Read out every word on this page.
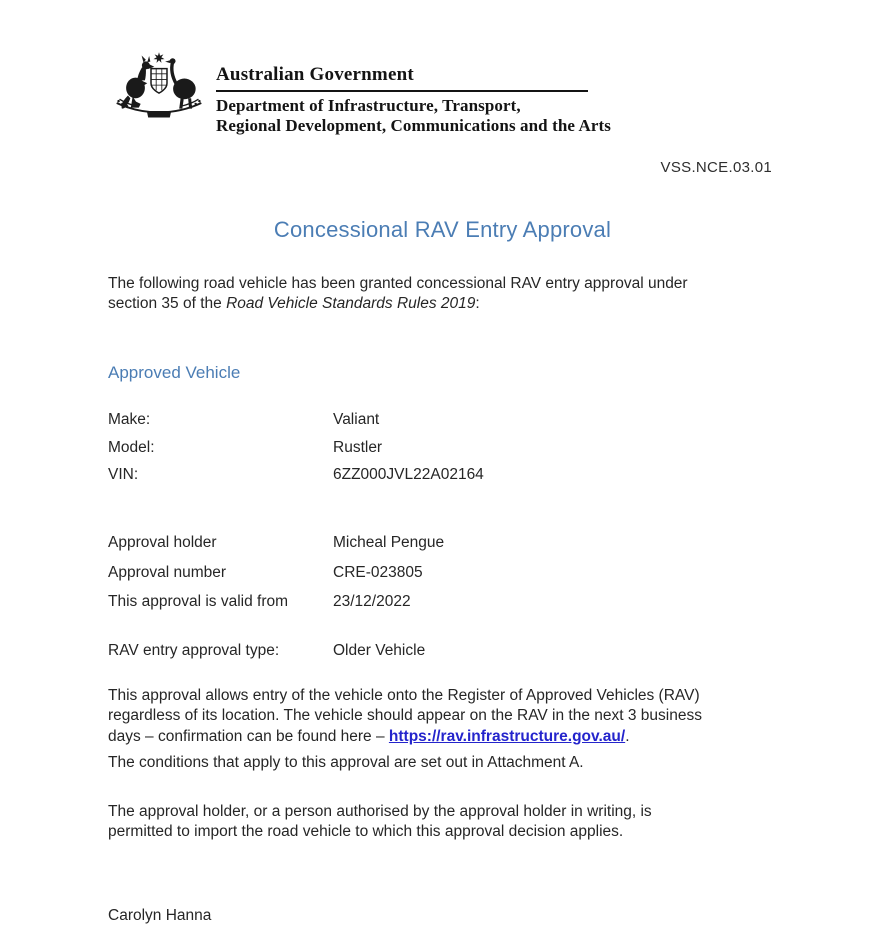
Australian Government
Department of Infrastructure, Transport,
Regional Development, Communications and the Arts
VSS.NCE.03.01
Concessional RAV Entry Approval
The following road vehicle has been granted concessional RAV entry approval under
section 35 of the Road Vehicle Standards Rules 2019:
Approved Vehicle
Make:	Valiant
Model:	Rustler
VIN:	6ZZ000JVL22A02164
Approval holder	Micheal Pengue
Approval number	CRE-023805
This approval is valid from	23/12/2022
RAV entry approval type:	Older Vehicle
This approval allows entry of the vehicle onto the Register of Approved Vehicles (RAV)
regardless of its location. The vehicle should appear on the RAV in the next 3 business
days – confirmation can be found here – https://rav.infrastructure.gov.au/.
The conditions that apply to this approval are set out in Attachment A.
The approval holder, or a person authorised by the approval holder in writing, is
permitted to import the road vehicle to which this approval decision applies.
Carolyn Hanna
